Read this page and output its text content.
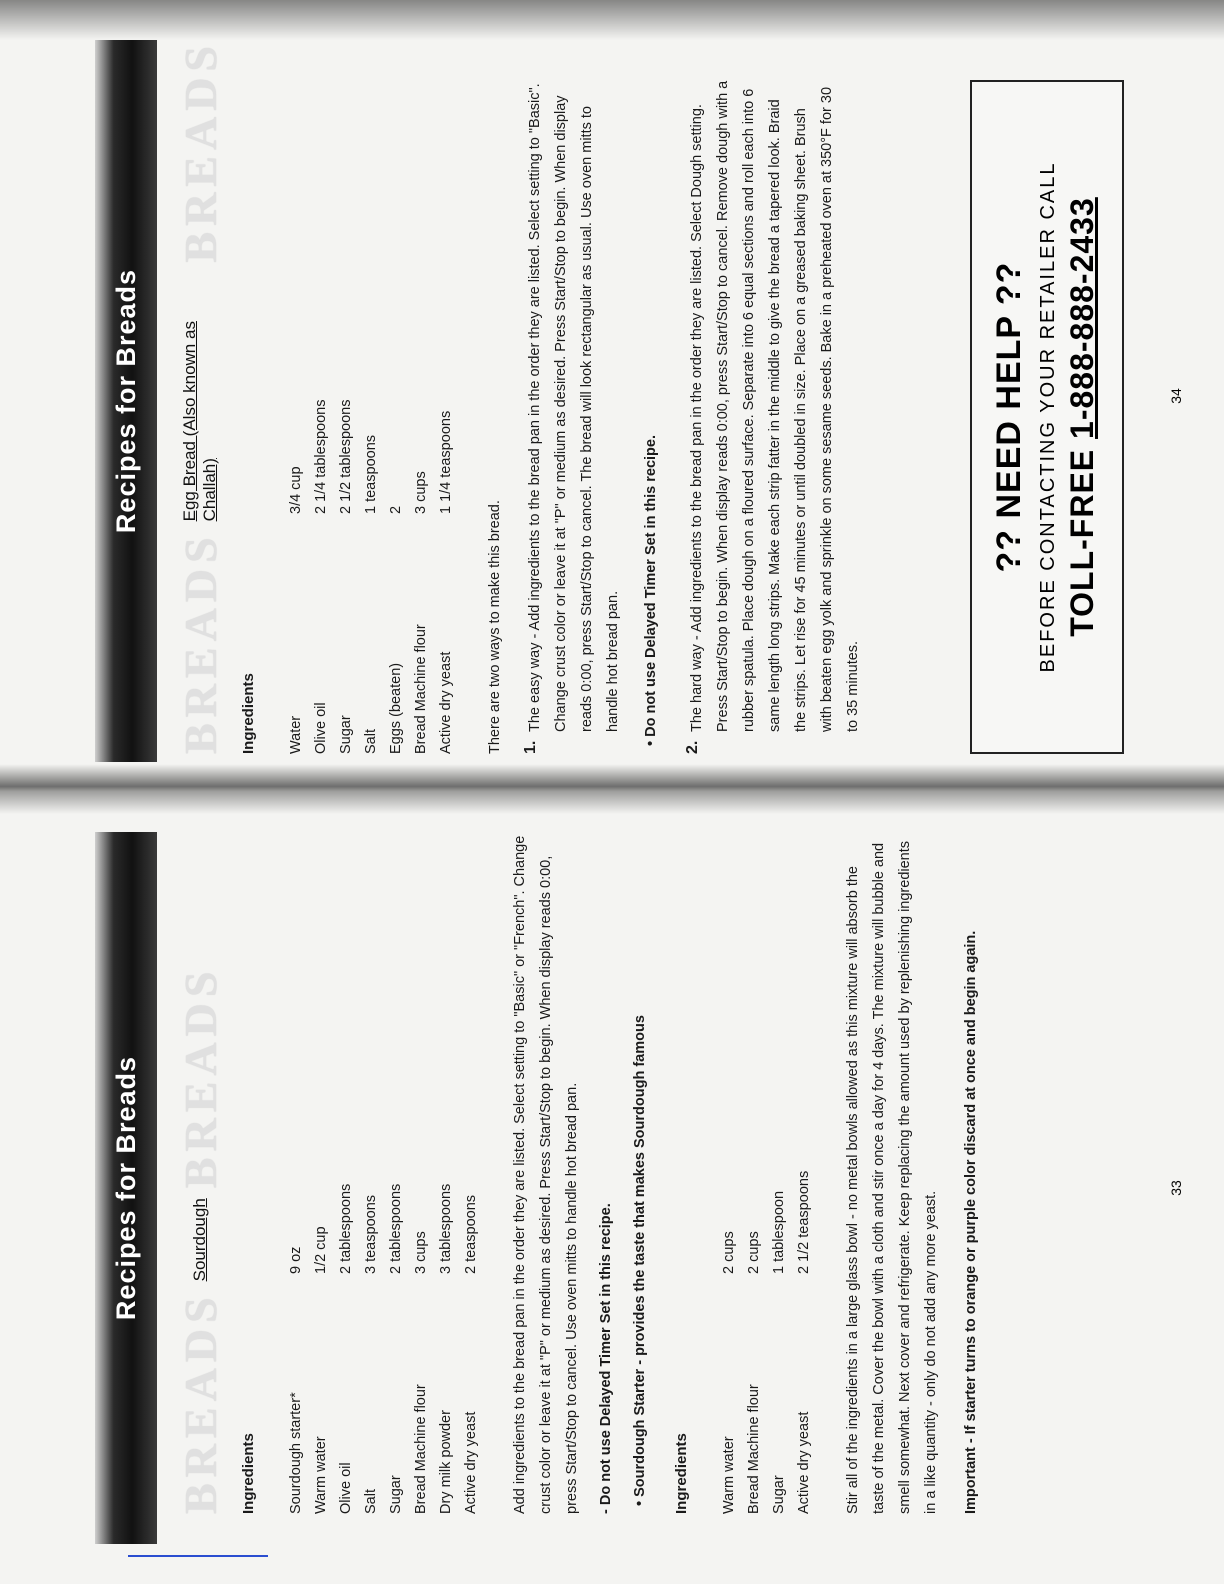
Recipes for Breads
BREADS
Sourdough
BREADS
Ingredients Sourdough starter*
9 oz
Warm water
1/2 cup
Olive oil
2 tablespoons
Salt
3 teaspoons
Sugar
2 tablespoons
Bread Machine flour
3 cups
Dry milk powder
3 tablespoons
Active dry yeast
2 teaspoons	Add ingredients to the bread pan in the order they are listed. Select setting to "Basic" or "French". Change crust color or leave it at "P" or medium as desired. Press Start/Stop to begin. When display reads 0:00, press Start/Stop to cancel. Use oven mitts to handle hot bread pan.	- Do not use Delayed Timer Set in this recipe.	• Sourdough Starter - provides the taste that makes Sourdough famous	Ingredients Warm water
2 cups
Bread Machine flour
2 cups
Sugar
1 tablespoon
Active dry yeast
2 1/2 teaspoons	Stir all of the ingredients in a large glass bowl - no metal bowls allowed as this mixture will absorb the taste of the metal. Cover the bowl with a cloth and stir once a day for 4 days. The mixture will bubble and smell somewhat. Next cover and refrigerate. Keep replacing the amount used by replenishing ingredients in a like quantity - only do not add any more yeast.	Important - If starter turns to orange or purple color discard at once and begin again.	33
Recipes for Breads
BREADS
Egg Bread (Also known as Challah)
BREADS
Ingredients Water
3/4 cup
Olive oil
2 1/4 tablespoons
Sugar
2 1/2 tablespoons
Salt
1 teaspoons
Eggs (beaten)
2
Bread Machine flour
3 cups
Active dry yeast
1 1/4 teaspoons

There are two ways to make this bread.	1.

The easy way - Add ingredients to the bread pan in the order they are listed. Select setting to "Basic". Change crust color or leave it at "P" or medium as desired. Press Start/Stop to begin. When display reads 0:00, press Start/Stop to cancel. The bread will look rectangular as usual. Use oven mitts to handle hot bread pan.	• Do not use Delayed Timer Set in this recipe.

2.

The hard way - Add ingredients to the bread pan in the order they are listed. Select Dough setting. Press Start/Stop to begin. When display reads 0:00, press Start/Stop to cancel. Remove dough with a rubber spatula. Place dough on a floured surface. Separate into 6 equal sections and roll each into 6 same length long strips. Make each strip fatter in the middle to give the bread a tapered look. Braid the strips. Let rise for 45 minutes or until doubled in size. Place on a greased baking sheet. Brush with beaten egg yolk and sprinkle on some sesame seeds. Bake in a preheated oven at 350°F for 30 to 35 minutes.

?? NEED HELP ?? BEFORE CONTACTING YOUR RETAILER CALL TOLL-FREE 1-888-888-2433	34
